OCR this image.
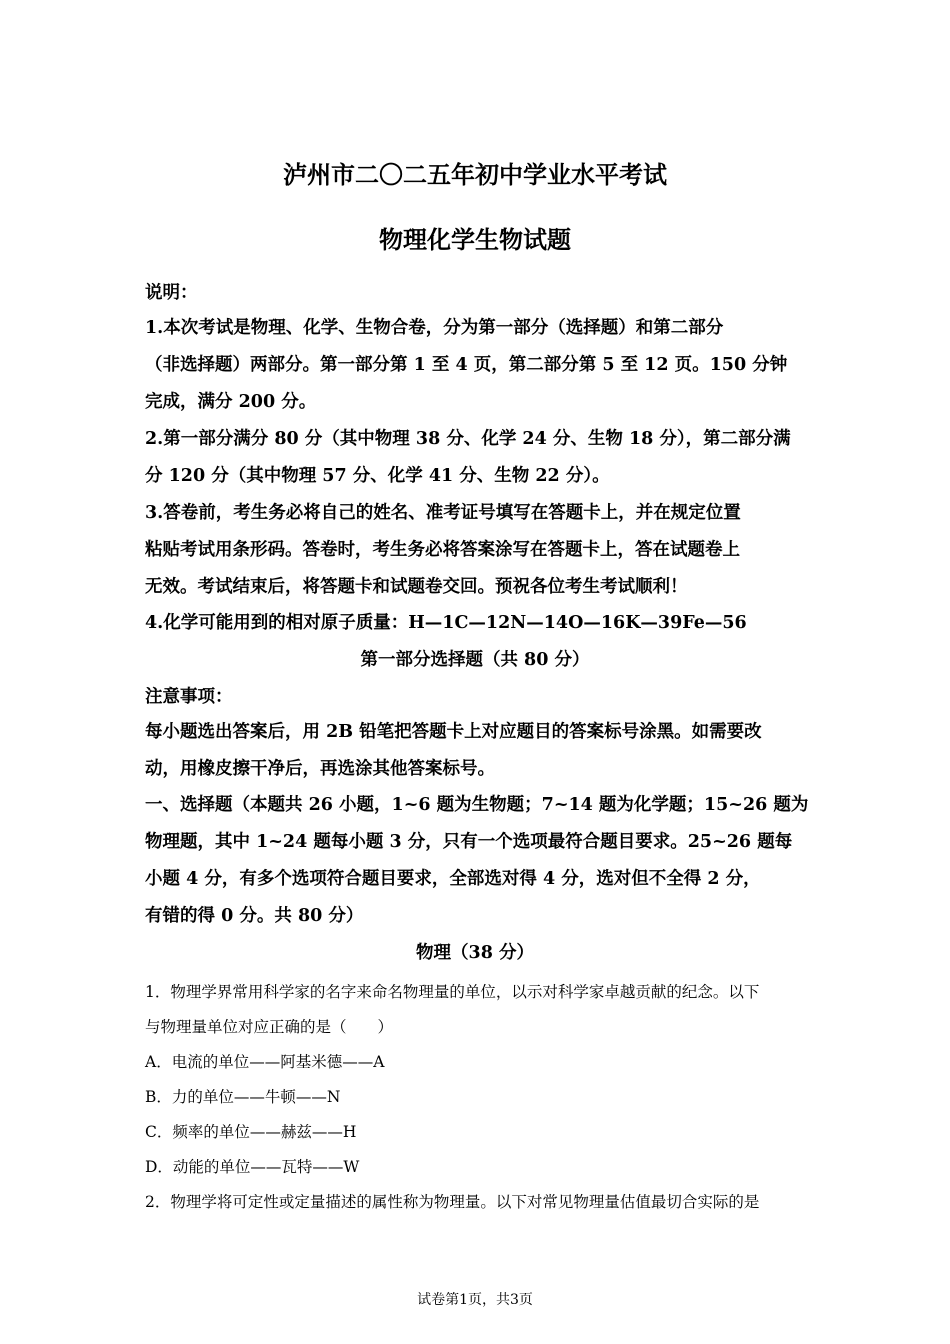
泸州市二〇二五年初中学业水平考试
物理化学生物试题
说明：
1.本次考试是物理、化学、生物合卷，分为第一部分（选择题）和第二部分
（非选择题）两部分。第一部分第 1 至 4 页，第二部分第 5 至 12 页。150 分钟
完成，满分 200 分。
2.第一部分满分 80 分（其中物理 38 分、化学 24 分、生物 18 分），第二部分满
分 120 分（其中物理 57 分、化学 41 分、生物 22 分）。
3.答卷前，考生务必将自己的姓名、准考证号填写在答题卡上，并在规定位置
粘贴考试用条形码。答卷时，考生务必将答案涂写在答题卡上，答在试题卷上
无效。考试结束后，将答题卡和试题卷交回。预祝各位考生考试顺利！
4.化学可能用到的相对原子质量：H—1C—12N—14O—16K—39Fe—56
第一部分选择题（共 80 分）
注意事项：
每小题选出答案后，用 2B 铅笔把答题卡上对应题目的答案标号涂黑。如需要改
动，用橡皮擦干净后，再选涂其他答案标号。
一、选择题（本题共 26 小题，1~6 题为生物题；7~14 题为化学题；15~26 题为
物理题，其中 1~24 题每小题 3 分，只有一个选项最符合题目要求。25~26 题每
小题 4 分，有多个选项符合题目要求，全部选对得 4 分，选对但不全得 2 分，
有错的得 0 分。共 80 分）
物理（38 分）
1．物理学界常用科学家的名字来命名物理量的单位，以示对科学家卓越贡献的纪念。以下
与物理量单位对应正确的是（　　）
A．电流的单位——阿基米德——A
B．力的单位——牛顿——N
C．频率的单位——赫兹——H
D．动能的单位——瓦特——W
2．物理学将可定性或定量描述的属性称为物理量。以下对常见物理量估值最切合实际的是
试卷第1页，共3页
